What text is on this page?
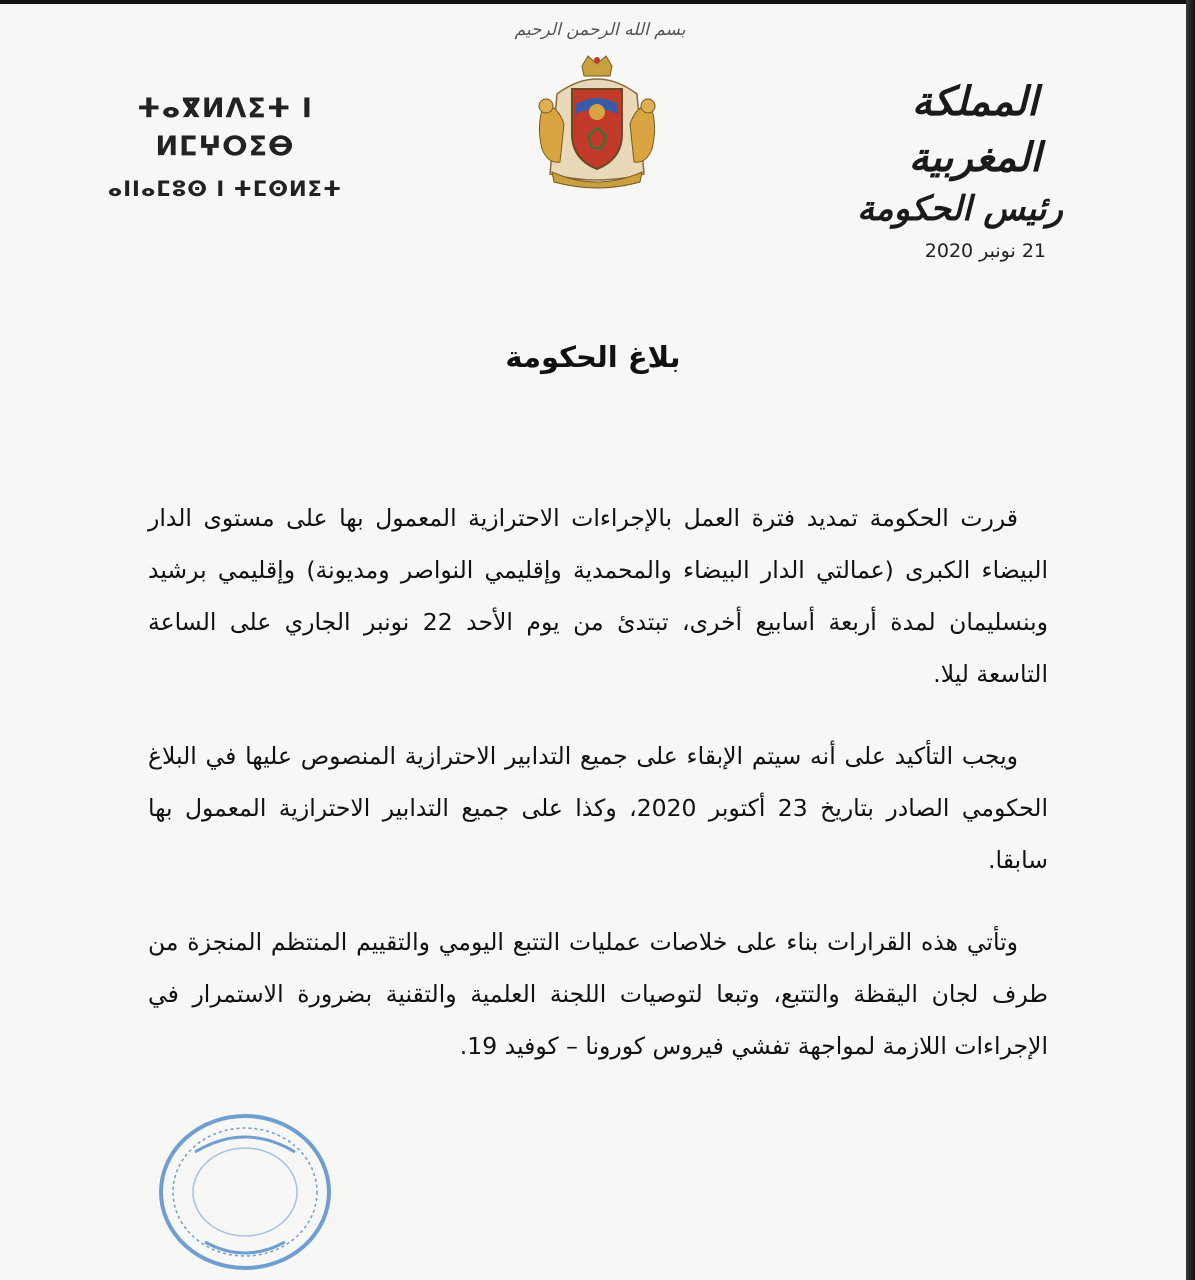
بسم الله الرحمن الرحيم
ⵜⴰⴳⵍⴷⵉⵜ ⵏ ⵍⵎⵖⵔⵉⴱ
ⴰⵏⵏⴰⵎⵓⵙ ⵏ ⵜⵎⵙⵍⵉⵜ
المملكة المغربية
رئيس الحكومة
21 نونبر 2020
بلاغ الحكومة

قررت الحكومة تمديد فترة العمل بالإجراءات الاحترازية المعمول بها على مستوى الدار البيضاء الكبرى (عمالتي الدار البيضاء والمحمدية وإقليمي النواصر ومديونة) وإقليمي برشيد وبنسليمان لمدة أربعة أسابيع أخرى، تبتدئ من يوم الأحد 22 نونبر الجاري على الساعة التاسعة ليلا.

ويجب التأكيد على أنه سيتم الإبقاء على جميع التدابير الاحترازية المنصوص عليها في البلاغ الحكومي الصادر بتاريخ 23 أكتوبر 2020، وكذا على جميع التدابير الاحترازية المعمول بها سابقا.

وتأتي هذه القرارات بناء على خلاصات عمليات التتبع اليومي والتقييم المنتظم المنجزة من طرف لجان اليقظة والتتبع، وتبعا لتوصيات اللجنة العلمية والتقنية بضرورة الاستمرار في الإجراءات اللازمة لمواجهة تفشي فيروس كورونا – كوفيد 19.
